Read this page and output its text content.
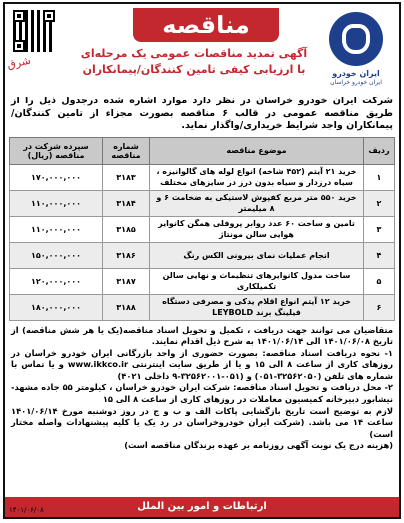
ایران خودرو
ایران خودرو خراسان
مناقصه
آگهی تمدید مناقصات عمومی یک مرحله‌ای
با ارزیابی کیفی تامین کنندگان/پیمانکاران
شرق
شرکت ایران خودرو خراسان در نظر دارد موارد اشاره شده درجدول ذیل را از طریق مناقصه عمومی در قالب ۶ مناقصه بصورت مجزاء از تامین کنندگان/پیمانکاران واجد شرایط خریداری/واگذار نماید.
ردیف	موضوع مناقصه	شماره مناقصه	سپرده شرکت در مناقصه (ریال)
۱	خرید ۲۱ آیتم (۴۵۲ شاخه) انواع لوله های گالوانیزه ، سیاه درزدار و سیاه بدون درز در سایزهای مختلف	۳۱۸۳	۱۷۰,۰۰۰,۰۰۰
۲	خرید ۵۵۰ متر مربع کفپوش لاستیکی به ضخامت ۶ و ۸ میلیمتر	۳۱۸۴	۱۱۰,۰۰۰,۰۰۰
۳	تامین و ساخت ۶۰ عدد روابر پروفلی همگن کانوایر هوایی سالن مونتاژ	۳۱۸۵	۱۱۰,۰۰۰,۰۰۰
۴	انجام عملیات نمای بیرونی الکس رنگ	۳۱۸۶	۱۵۰,۰۰۰,۰۰۰
۵	ساخت مدول کانوایرهای تنظیمات و نهایی سالن تکمیلکاری	۳۱۸۷	۱۲۰,۰۰۰,۰۰۰
۶	خرید ۱۲ آیتم انواع اقلام یدکی و مصرفی دستگاه فیلینگ برند LEYBOLD	۳۱۸۸	۱۸۰,۰۰۰,۰۰۰
متقاضیان می توانند جهت دریافت ، تکمیل و تحویل اسناد مناقصه(یک یا هر شش مناقصه) از تاریخ ۱۴۰۱/۰۶/۰۸ الی ۱۴۰۱/۰۶/۱۴ به شرح ذیل اقدام نمایند.
۱- نحوه دریافت اسناد مناقصه: بصورت حضوری از واحد بازرگانی ایران خودرو خراسان در روزهای کاری از ساعت ۸ الی ۱۵ و یا از طریق سایت اینترنتی www.ikkco.ir و یا تماس با شماره های تلفن (۳۲۵۶۲۰۵۰-۰۵۱) و (۰۵۱-۳۲۵۶۲۰۰۱-۹ داخلی ۴۰۲۱)
۲- محل دریافت و تحویل اسناد مناقصه: شرکت ایران خودرو خراسان ، کیلومتر ۵۵ جاده مشهد-نیشابور دبیرخانه کمیسیون معاملات در روزهای کاری از ساعت ۸ الی ۱۵
لازم به توضیح است تاریخ بازگشایی پاکات الف و ب و ج در روز دوشنبه مورخ ۱۴۰۱/۰۶/۱۴ ساعت ۱۴ می باشد. (شرکت ایران خودروخراسان در رد یک یا کلیه پیشنهادات واصله مختار است)
(هزینه درج یک نوبت آگهی روزنامه بر عهده برندگان مناقصه است)
ارتباطات و امور بین الملل
۱۴۰۱/۰۶/۰۸
